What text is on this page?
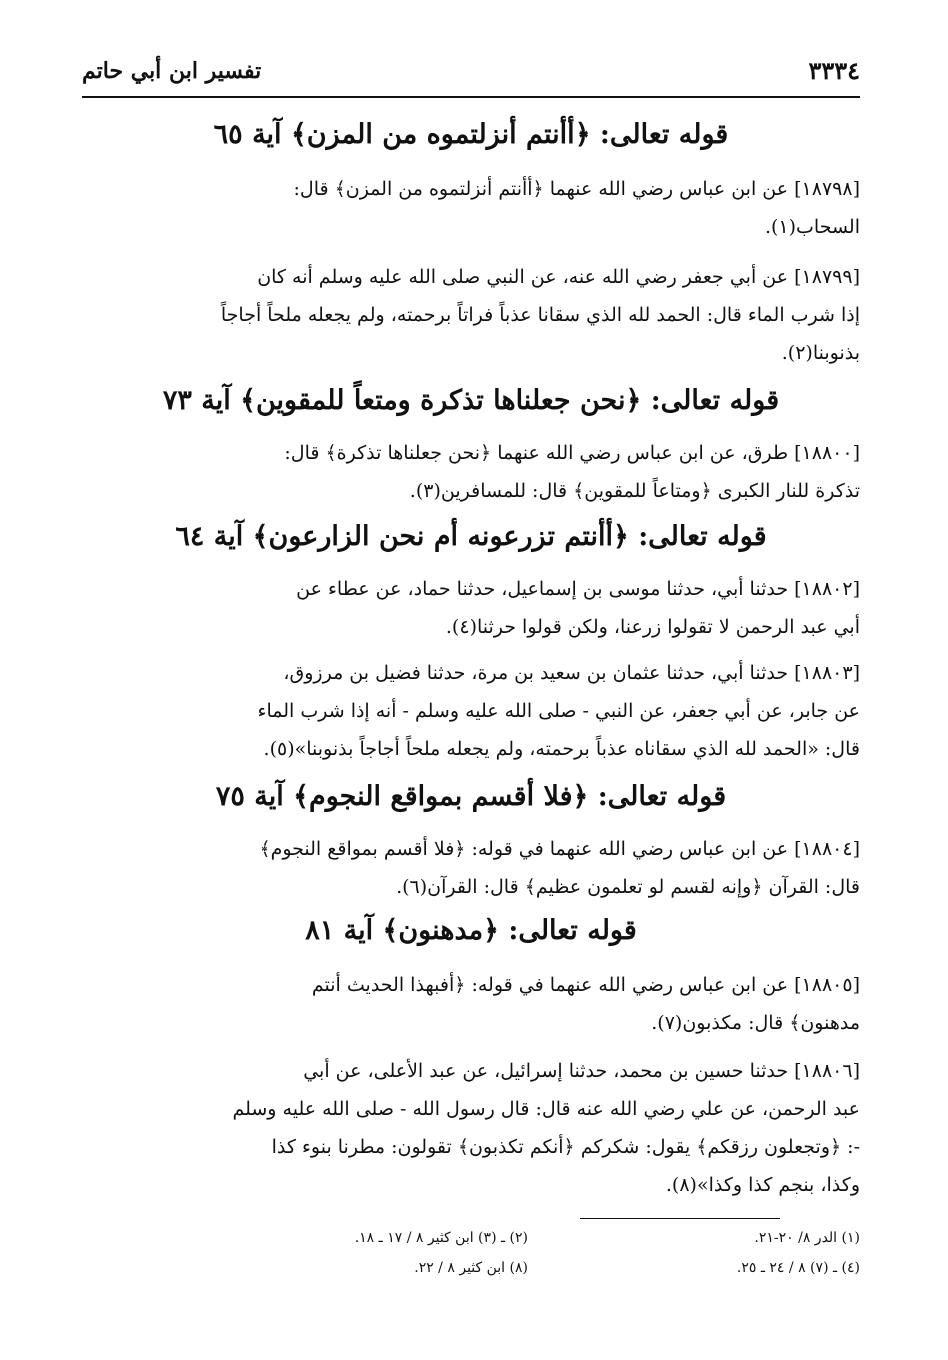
٣٣٣٤
تفسير ابن أبي حاتم
قوله تعالى: ﴿أأنتم أنزلتموه من المزن﴾ آية ٦٥
[١٨٧٩٨] عن ابن عباس رضي الله عنهما ﴿أأنتم أنزلتموه من المزن﴾ قال:
السحاب(١).
[١٨٧٩٩] عن أبي جعفر رضي الله عنه، عن النبي صلى الله عليه وسلم أنه كان
إذا شرب الماء قال: الحمد لله الذي سقانا عذباً فراتاً برحمته، ولم يجعله ملحاً أجاجاً
بذنوبنا(٢).
قوله تعالى: ﴿نحن جعلناها تذكرة ومتعاً للمقوين﴾ آية ٧٣
[١٨٨٠٠] طرق، عن ابن عباس رضي الله عنهما ﴿نحن جعلناها تذكرة﴾ قال:
تذكرة للنار الكبرى ﴿ومتاعاً للمقوين﴾ قال: للمسافرين(٣).
قوله تعالى: ﴿أأنتم تزرعونه أم نحن الزارعون﴾ آية ٦٤
[١٨٨٠٢] حدثنا أبي، حدثنا موسى بن إسماعيل، حدثنا حماد، عن عطاء عن
أبي عبد الرحمن لا تقولوا زرعنا، ولكن قولوا حرثنا(٤).
[١٨٨٠٣] حدثنا أبي، حدثنا عثمان بن سعيد بن مرة، حدثنا فضيل بن مرزوق،
عن جابر، عن أبي جعفر، عن النبي - صلى الله عليه وسلم - أنه إذا شرب الماء
قال: «الحمد لله الذي سقاناه عذباً برحمته، ولم يجعله ملحاً أجاجاً بذنوبنا»(٥).
قوله تعالى: ﴿فلا أقسم بمواقع النجوم﴾ آية ٧٥
[١٨٨٠٤] عن ابن عباس رضي الله عنهما في قوله: ﴿فلا أقسم بمواقع النجوم﴾
قال: القرآن ﴿وإنه لقسم لو تعلمون عظيم﴾ قال: القرآن(٦).
قوله تعالى: ﴿مدهنون﴾ آية ٨١
[١٨٨٠٥] عن ابن عباس رضي الله عنهما في قوله: ﴿أفبهذا الحديث أنتم
مدهنون﴾ قال: مكذبون(٧).
[١٨٨٠٦] حدثنا حسين بن محمد، حدثنا إسرائيل، عن عبد الأعلى، عن أبي
عبد الرحمن، عن علي رضي الله عنه قال: قال رسول الله - صلى الله عليه وسلم
-: ﴿وتجعلون رزقكم﴾ يقول: شكركم ﴿أنكم تكذبون﴾ تقولون: مطرنا بنوء كذا
وكذا، بنجم كذا وكذا»(٨).
(١) الدر ٨/ ٢٠-٢١.
(٤) ـ (٧) ٨ / ٢٤ ـ ٢٥.
(٢) ـ (٣) ابن كثير ٨ / ١٧ ـ ١٨.
(٨) ابن كثير ٨ / ٢٢.
